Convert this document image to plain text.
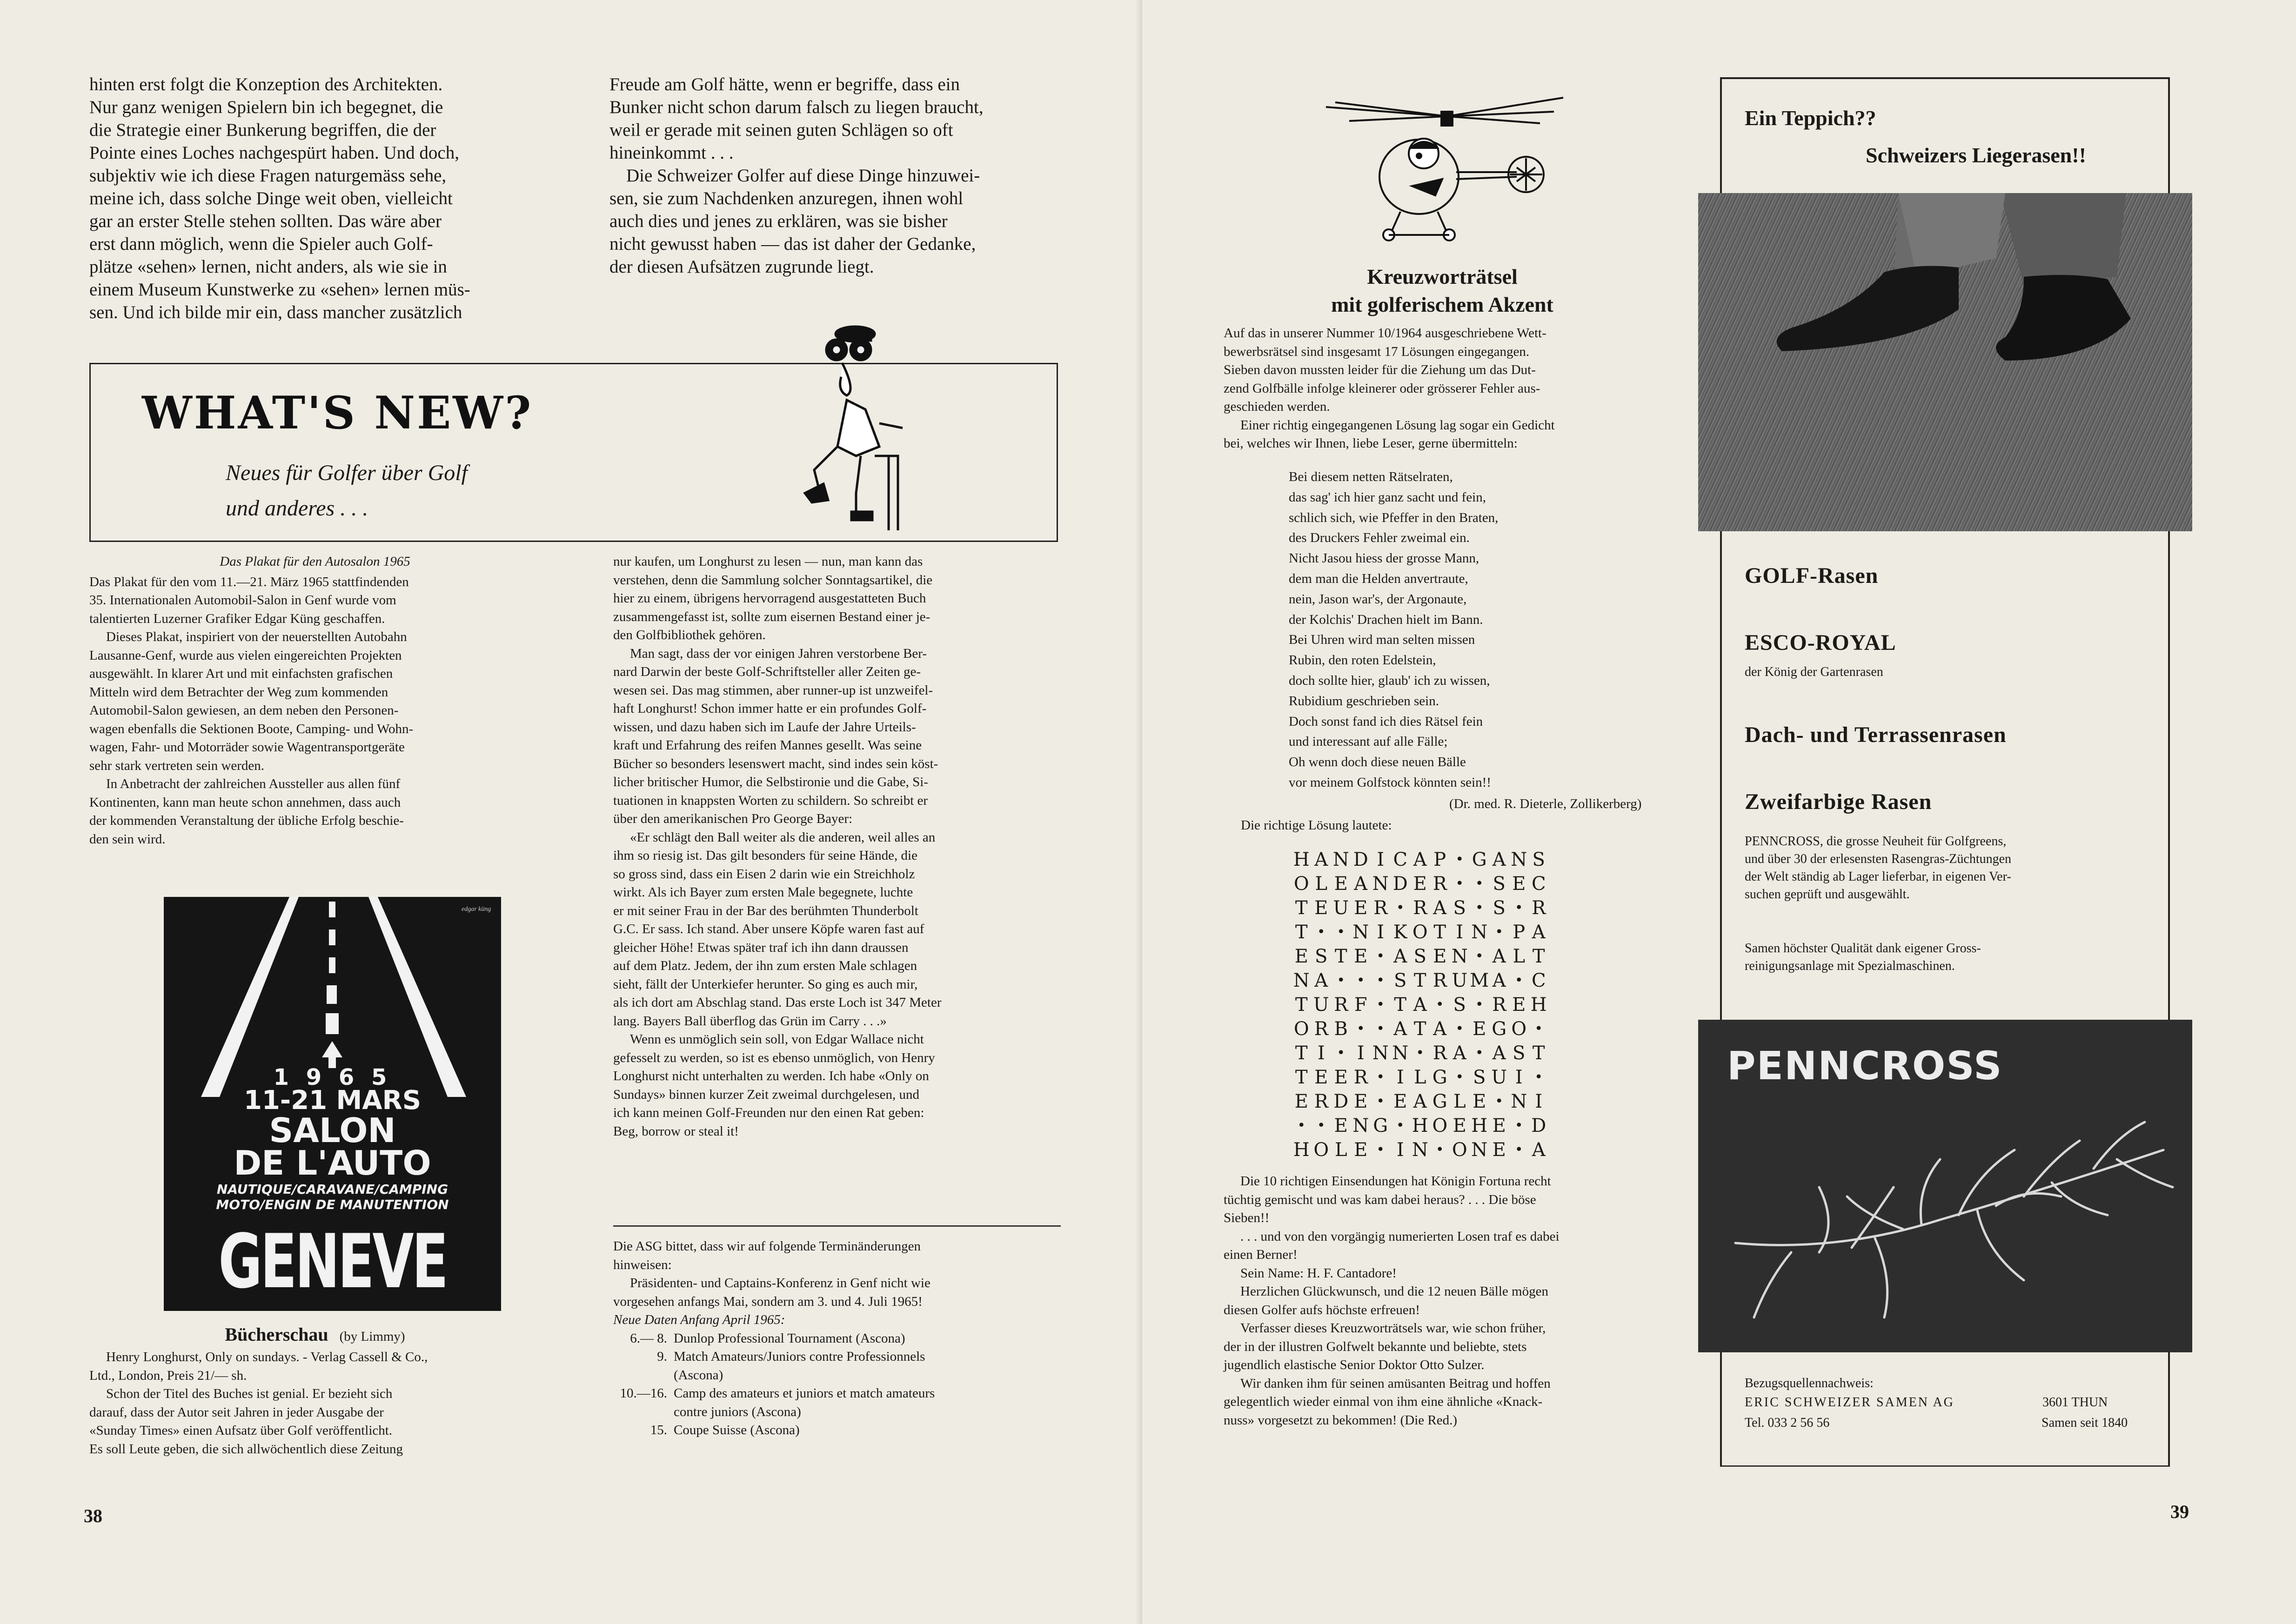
hinten erst folgt die Konzeption des Architekten.

Nur ganz wenigen Spielern bin ich begegnet, die

die Strategie einer Bunkerung begriffen, die der

Pointe eines Loches nachgespürt haben. Und doch,

subjektiv wie ich diese Fragen naturgemäss sehe,

meine ich, dass solche Dinge weit oben, vielleicht

gar an erster Stelle stehen sollten. Das wäre aber

erst dann möglich, wenn die Spieler auch Golf-

plätze «sehen» lernen, nicht anders, als wie sie in

einem Museum Kunstwerke zu «sehen» lernen müs-

sen. Und ich bilde mir ein, dass mancher zusätzlich

Freude am Golf hätte, wenn er begriffe, dass ein

Bunker nicht schon darum falsch zu liegen braucht,

weil er gerade mit seinen guten Schlägen so oft

hineinkommt . . .

Die Schweizer Golfer auf diese Dinge hinzuwei-

sen, sie zum Nachdenken anzuregen, ihnen wohl

auch dies und jenes zu erklären, was sie bisher

nicht gewusst haben — das ist daher der Gedanke,

der diesen Aufsätzen zugrunde liegt.

WHAT'S NEW?
Neues für Golfer über Golf
und anderes . . .

Das Plakat für den Autosalon 1965

Das Plakat für den vom 11.—21. März 1965 stattfindenden

35. Internationalen Automobil-Salon in Genf wurde vom

talentierten Luzerner Grafiker Edgar Küng geschaffen.

Dieses Plakat, inspiriert von der neuerstellten Autobahn

Lausanne-Genf, wurde aus vielen eingereichten Projekten

ausgewählt. In klarer Art und mit einfachsten grafischen

Mitteln wird dem Betrachter der Weg zum kommenden

Automobil-Salon gewiesen, an dem neben den Personen-

wagen ebenfalls die Sektionen Boote, Camping- und Wohn-

wagen, Fahr- und Motorräder sowie Wagentransportgeräte

sehr stark vertreten sein werden.

In Anbetracht der zahlreichen Aussteller aus allen fünf

Kontinenten, kann man heute schon annehmen, dass auch

der kommenden Veranstaltung der übliche Erfolg beschie-

den sein wird.

edgar küng
1 9 6 5
11-21 MARS
SALON
DE L'AUTO
NAUTIQUE/CARAVANE/CAMPING
MOTO/ENGIN DE MANUTENTION
GENEVE
Bücherschau (by Limmy)

Henry Longhurst, Only on sundays. - Verlag Cassell & Co.,

Ltd., London, Preis 21/— sh.

Schon der Titel des Buches ist genial. Er bezieht sich

darauf, dass der Autor seit Jahren in jeder Ausgabe der

«Sunday Times» einen Aufsatz über Golf veröffentlicht.

Es soll Leute geben, die sich allwöchentlich diese Zeitung

nur kaufen, um Longhurst zu lesen — nun, man kann das

verstehen, denn die Sammlung solcher Sonntagsartikel, die

hier zu einem, übrigens hervorragend ausgestatteten Buch

zusammengefasst ist, sollte zum eisernen Bestand einer je-

den Golfbibliothek gehören.

Man sagt, dass der vor einigen Jahren verstorbene Ber-

nard Darwin der beste Golf-Schriftsteller aller Zeiten ge-

wesen sei. Das mag stimmen, aber runner-up ist unzweifel-

haft Longhurst! Schon immer hatte er ein profundes Golf-

wissen, und dazu haben sich im Laufe der Jahre Urteils-

kraft und Erfahrung des reifen Mannes gesellt. Was seine

Bücher so besonders lesenswert macht, sind indes sein köst-

licher britischer Humor, die Selbstironie und die Gabe, Si-

tuationen in knappsten Worten zu schildern. So schreibt er

über den amerikanischen Pro George Bayer:

«Er schlägt den Ball weiter als die anderen, weil alles an

ihm so riesig ist. Das gilt besonders für seine Hände, die

so gross sind, dass ein Eisen 2 darin wie ein Streichholz

wirkt. Als ich Bayer zum ersten Male begegnete, luchte

er mit seiner Frau in der Bar des berühmten Thunderbolt

G.C. Er sass. Ich stand. Aber unsere Köpfe waren fast auf

gleicher Höhe! Etwas später traf ich ihn dann draussen

auf dem Platz. Jedem, der ihn zum ersten Male schlagen

sieht, fällt der Unterkiefer herunter. So ging es auch mir,

als ich dort am Abschlag stand. Das erste Loch ist 347 Meter

lang. Bayers Ball überflog das Grün im Carry . . .»

Wenn es unmöglich sein soll, von Edgar Wallace nicht

gefesselt zu werden, so ist es ebenso unmöglich, von Henry

Longhurst nicht unterhalten zu werden. Ich habe «Only on

Sundays» binnen kurzer Zeit zweimal durchgelesen, und

ich kann meinen Golf-Freunden nur den einen Rat geben:

Beg, borrow or steal it!

Die ASG bittet, dass wir auf folgende Terminänderungen

hinweisen:

Präsidenten- und Captains-Konferenz in Genf nicht wie

vorgesehen anfangs Mai, sondern am 3. und 4. Juli 1965!

Neue Daten Anfang April 1965:

6.— 8. Dunlop Professional Tournament (Ascona)
9. Match Amateurs/Juniors contre Professionnels
(Ascona)
10.—16. Camp des amateurs et juniors et match amateurs
contre juniors (Ascona)
15. Coupe Suisse (Ascona)
38
Kreuzworträtsel
mit golferischem Akzent

Auf das in unserer Nummer 10/1964 ausgeschriebene Wett-

bewerbsrätsel sind insgesamt 17 Lösungen eingegangen.

Sieben davon mussten leider für die Ziehung um das Dut-

zend Golfbälle infolge kleinerer oder grösserer Fehler aus-

geschieden werden.

Einer richtig eingegangenen Lösung lag sogar ein Gedicht

bei, welches wir Ihnen, liebe Leser, gerne übermitteln:

Bei diesem netten Rätselraten,
das sag' ich hier ganz sacht und fein,
schlich sich, wie Pfeffer in den Braten,
des Druckers Fehler zweimal ein.
Nicht Jasou hiess der grosse Mann,
dem man die Helden anvertraute,
nein, Jason war's, der Argonaute,
der Kolchis' Drachen hielt im Bann.
Bei Uhren wird man selten missen
Rubin, den roten Edelstein,
doch sollte hier, glaub' ich zu wissen,
Rubidium geschrieben sein.
Doch sonst fand ich dies Rätsel fein
und interessant auf alle Fälle;
Oh wenn doch diese neuen Bälle
vor meinem Golfstock könnten sein!!
(Dr. med. R. Dieterle, Zollikerberg)
Die richtige Lösung lautete:
H A N D I C A P • G A N S
O L E A N D E R • • S E C
T E U E R • R A S • S • R
T • • N I K O T I N • P A
E S T E • A S E N • A L T
N A • • • S T R U M A • C
T U R F • T A • S • R E H
O R B • • A T A • E G O •
T I • I N N • R A • A S T
T E E R • I L G • S U I •
E R D E • E A G L E • N I
• • E N G • H O E H E • D
H O L E • I N • O N E • A

Die 10 richtigen Einsendungen hat Königin Fortuna recht

tüchtig gemischt und was kam dabei heraus? . . . Die böse

Sieben!!

. . . und von den vorgängig numerierten Losen traf es dabei

einen Berner!

Sein Name: H. F. Cantadore!

Herzlichen Glückwunsch, und die 12 neuen Bälle mögen

diesen Golfer aufs höchste erfreuen!

Verfasser dieses Kreuzworträtsels war, wie schon früher,

der in der illustren Golfwelt bekannte und beliebte, stets

jugendlich elastische Senior Doktor Otto Sulzer.

Wir danken ihm für seinen amüsanten Beitrag und hoffen

gelegentlich wieder einmal von ihm eine ähnliche «Knack-

nuss» vorgesetzt zu bekommen! (Die Red.)

39
Ein Teppich??
Schweizers Liegerasen!!
GOLF-Rasen
ESCO-ROYAL
der König der Gartenrasen
Dach- und Terrassenrasen
Zweifarbige Rasen

PENNCROSS, die grosse Neuheit für Golfgreens,

und über 30 der erlesensten Rasengras-Züchtungen

der Welt ständig ab Lager lieferbar, in eigenen Ver-

suchen geprüft und ausgewählt.

Samen höchster Qualität dank eigener Gross-

reinigungsanlage mit Spezialmaschinen.

PENNCROSS
Bezugsquellennachweis:
ERIC SCHWEIZER SAMEN AG	3601 THUN
Tel. 033 2 56 56	Samen seit 1840
